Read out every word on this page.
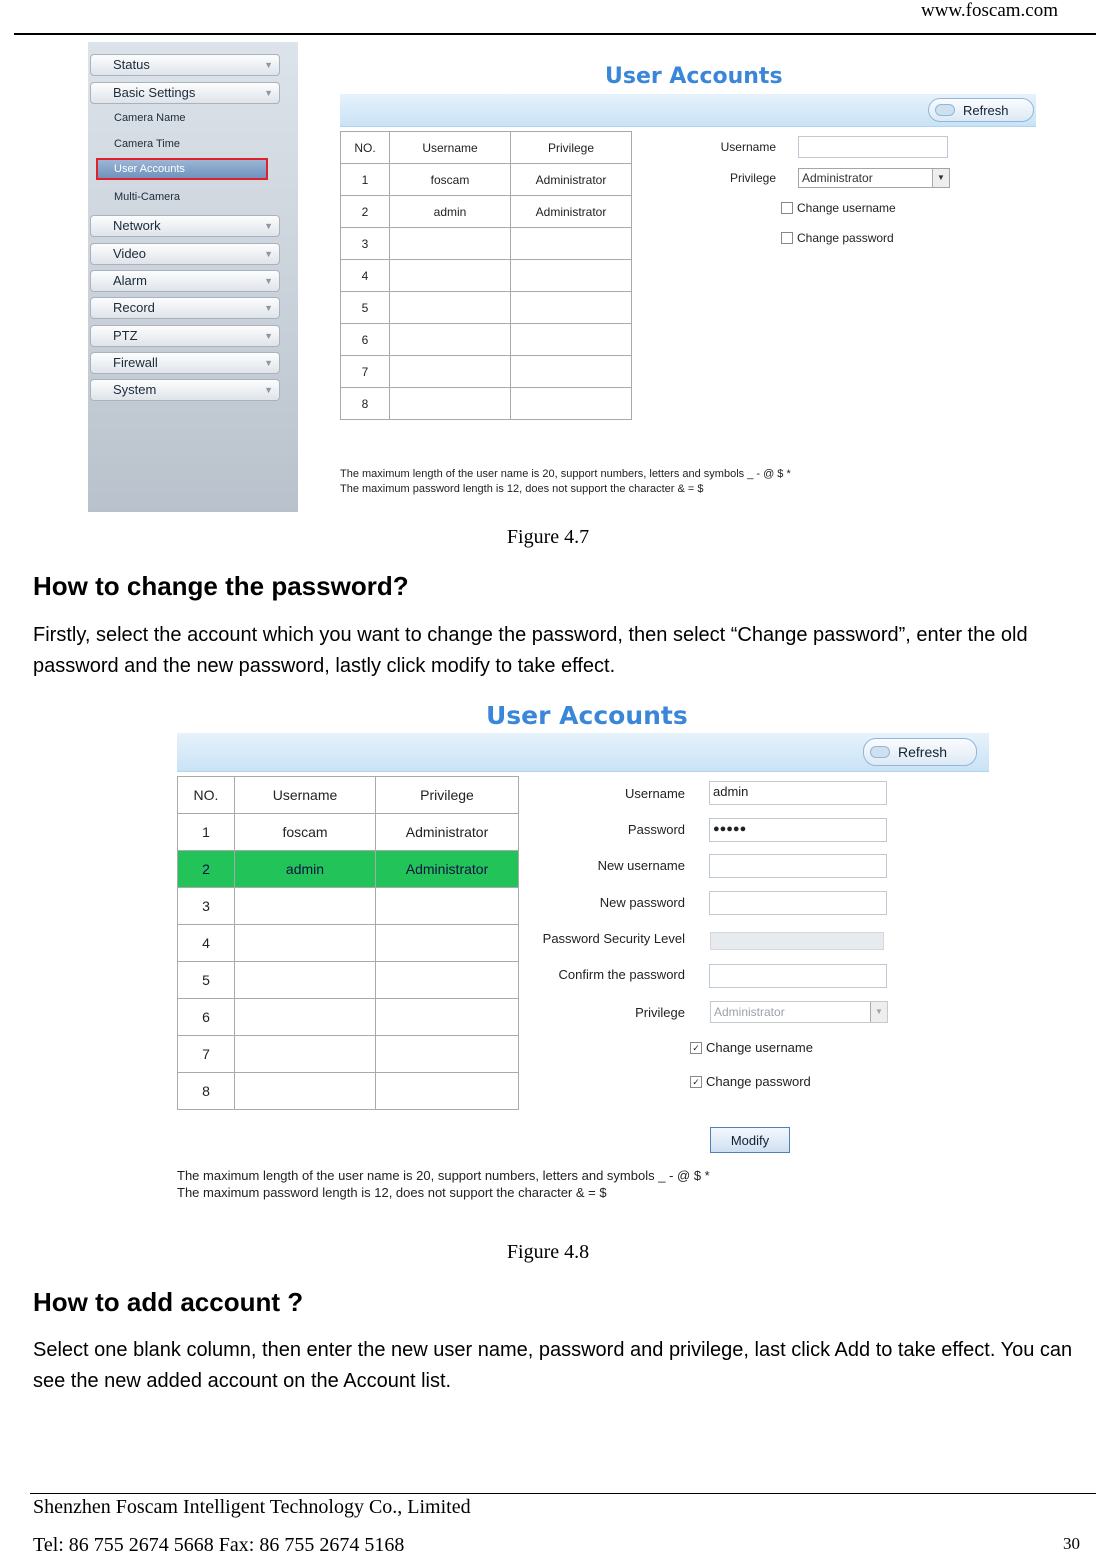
www.foscam.com
Status	▼
Basic Settings	▼
Camera Name
Camera Time
User Accounts
Multi-Camera
Network	▼
Video	▼
Alarm	▼
Record	▼
PTZ	▼
Firewall	▼
System	▼
User Accounts
Refresh
NO.	Username	Privilege
1	foscam	Administrator
2	admin	Administrator
3		
4		
5		
6		
7		
8		
Username
Privilege	Administrator	▼
Change username
Change password
The maximum length of the user name is 20, support numbers, letters and symbols _ - @ $ *
The maximum password length is 12, does not support the character & = $
Figure 4.7
How to change the password?

Firstly, select the account which you want to change the password, then select “Change password”, enter the old password and the new password, lastly click modify to take effect.

User Accounts
Refresh
NO.	Username	Privilege
1	foscam	Administrator
2	admin	Administrator
3		
4		
5		
6		
7		
8		
Username	admin
Password	●●●●●
New username
New password
Password Security Level
Confirm the password
Privilege	Administrator	▼
✓ Change username
✓ Change password
Modify
The maximum length of the user name is 20, support numbers, letters and symbols _ - @ $ *
The maximum password length is 12, does not support the character & = $
Figure 4.8
How to add account ?

Select one blank column, then enter the new user name, password and privilege, last click Add to take effect. You can see the new added account on the Account list.

Shenzhen Foscam Intelligent Technology Co., Limited
Tel: 86 755 2674 5668 Fax: 86 755 2674 5168	30
